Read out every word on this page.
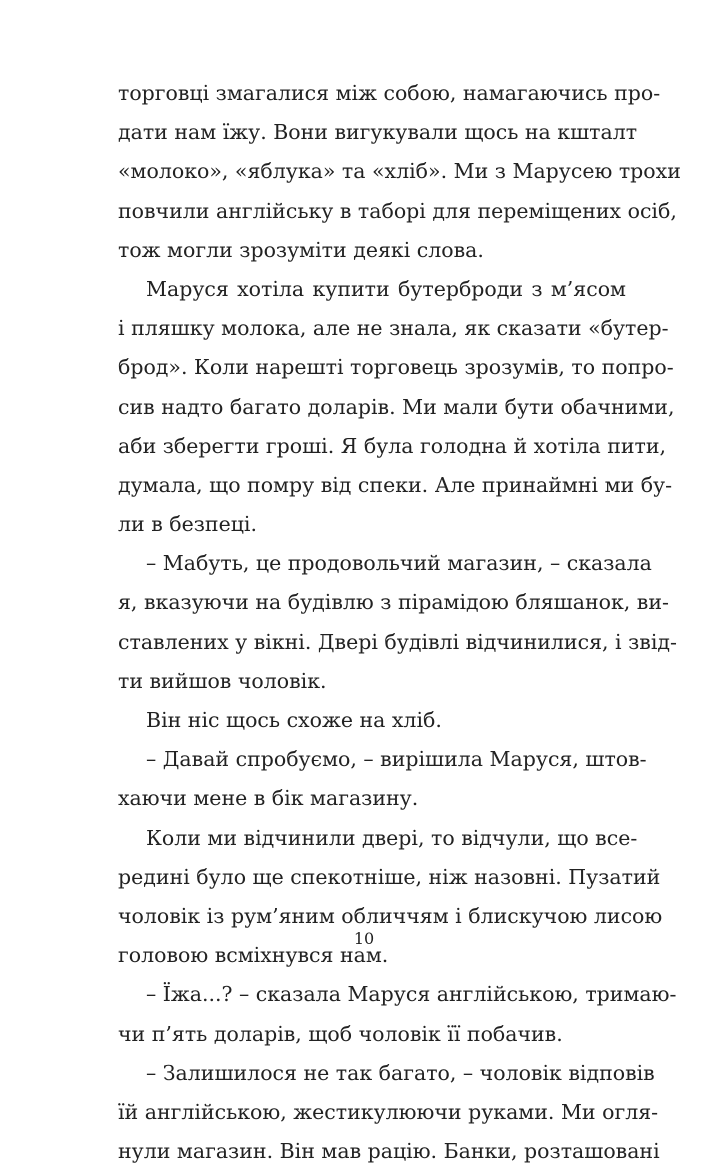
торговці змагалися між собою, намагаючись про-
дати нам їжу. Вони вигукували щось на кшталт
«молоко», «яблука» та «хліб». Ми з Марусею трохи
повчили англійську в таборі для переміщених осіб,
тож могли зрозуміти деякі слова.
Маруся хотіла купити бутерброди з м’ясом
і пляшку молока, але не знала, як сказати «бутер-
брод». Коли нарешті торговець зрозумів, то попро-
сив надто багато доларів. Ми мали бути обачними,
аби зберегти гроші. Я була голодна й хотіла пити,
думала, що помру від спеки. Але принаймні ми бу-
ли в безпеці.
– Мабуть, це продовольчий магазин, – сказала
я, вказуючи на будівлю з пірамідою бляшанок, ви-
ставлених у вікні. Двері будівлі відчинилися, і звід-
ти вийшов чоловік.
Він ніс щось схоже на хліб.
– Давай спробуємо, – вирішила Маруся, штов-
хаючи мене в бік магазину.
Коли ми відчинили двері, то відчули, що все-
редині було ще спекотніше, ніж назовні. Пузатий
чоловік із рум’яним обличчям і блискучою лисою
головою всміхнувся нам.
– Їжа...? – сказала Маруся англійською, тримаю-
чи п’ять доларів, щоб чоловік її побачив.
– Залишилося не так багато, – чоловік відповів
їй англійською, жестикулюючи руками. Ми огля-
нули магазин. Він мав рацію. Банки, розташовані
10
